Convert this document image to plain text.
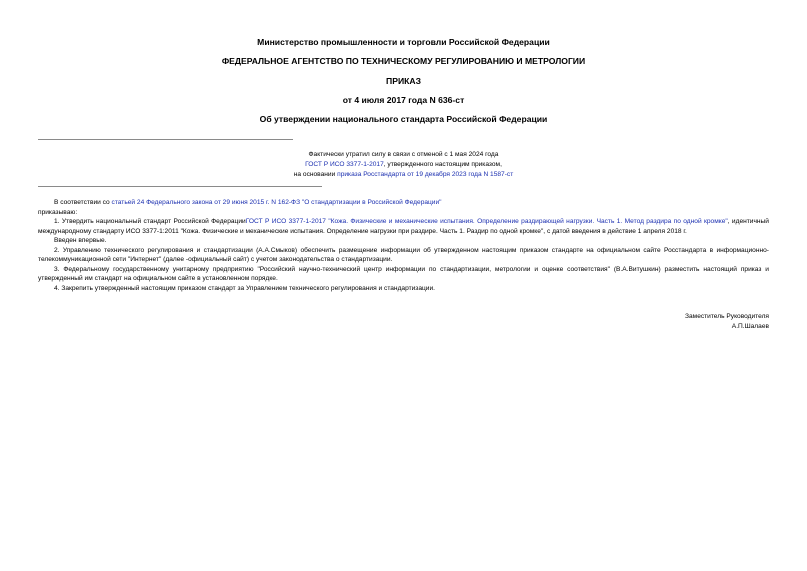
Министерство промышленности и торговли Российской Федерации
ФЕДЕРАЛЬНОЕ АГЕНТСТВО ПО ТЕХНИЧЕСКОМУ РЕГУЛИРОВАНИЮ И МЕТРОЛОГИИ
ПРИКАЗ
от 4 июля 2017 года N 636-ст
Об утверждении национального стандарта Российской Федерации
Фактически утратил силу в связи с отменой с 1 мая 2024 года
ГОСТ Р ИСО 3377-1-2017, утвержденного настоящим приказом,
на основании приказа Росстандарта от 19 декабря 2023 года N 1587-ст

В соответствии со статьей 24 Федерального закона от 29 июня 2015 г. N 162-ФЗ "О стандартизации в Российской Федерации"

приказываю:

1. Утвердить национальный стандарт Российской ФедерацииГОСТ Р ИСО 3377-1-2017 "Кожа. Физические и механические испытания. Определение раздирающей нагрузки. Часть 1. Метод раздира по одной кромке", идентичный международному стандарту ИСО 3377-1:2011 "Кожа. Физические и механические испытания. Определение нагрузки при раздире. Часть 1. Раздир по одной кромке", с датой введения в действие 1 апреля 2018 г.

Введен впервые.

2. Управлению технического регулирования и стандартизации (А.А.Смыков) обеспечить размещение информации об утвержденном настоящим приказом стандарте на официальном сайте Росстандарта в информационно-телекоммуникационной сети "Интернет" (далее -официальный сайт) с учетом законодательства о стандартизации.

3. Федеральному государственному унитарному предприятию "Российский научно-технический центр информации по стандартизации, метрологии и оценке соответствия" (В.А.Витушкин) разместить настоящий приказ и утвержденный им стандарт на официальном сайте в установленном порядке.

4. Закрепить утвержденный настоящим приказом стандарт за Управлением технического регулирования и стандартизации.

Заместитель Руководителя

А.П.Шалаев
